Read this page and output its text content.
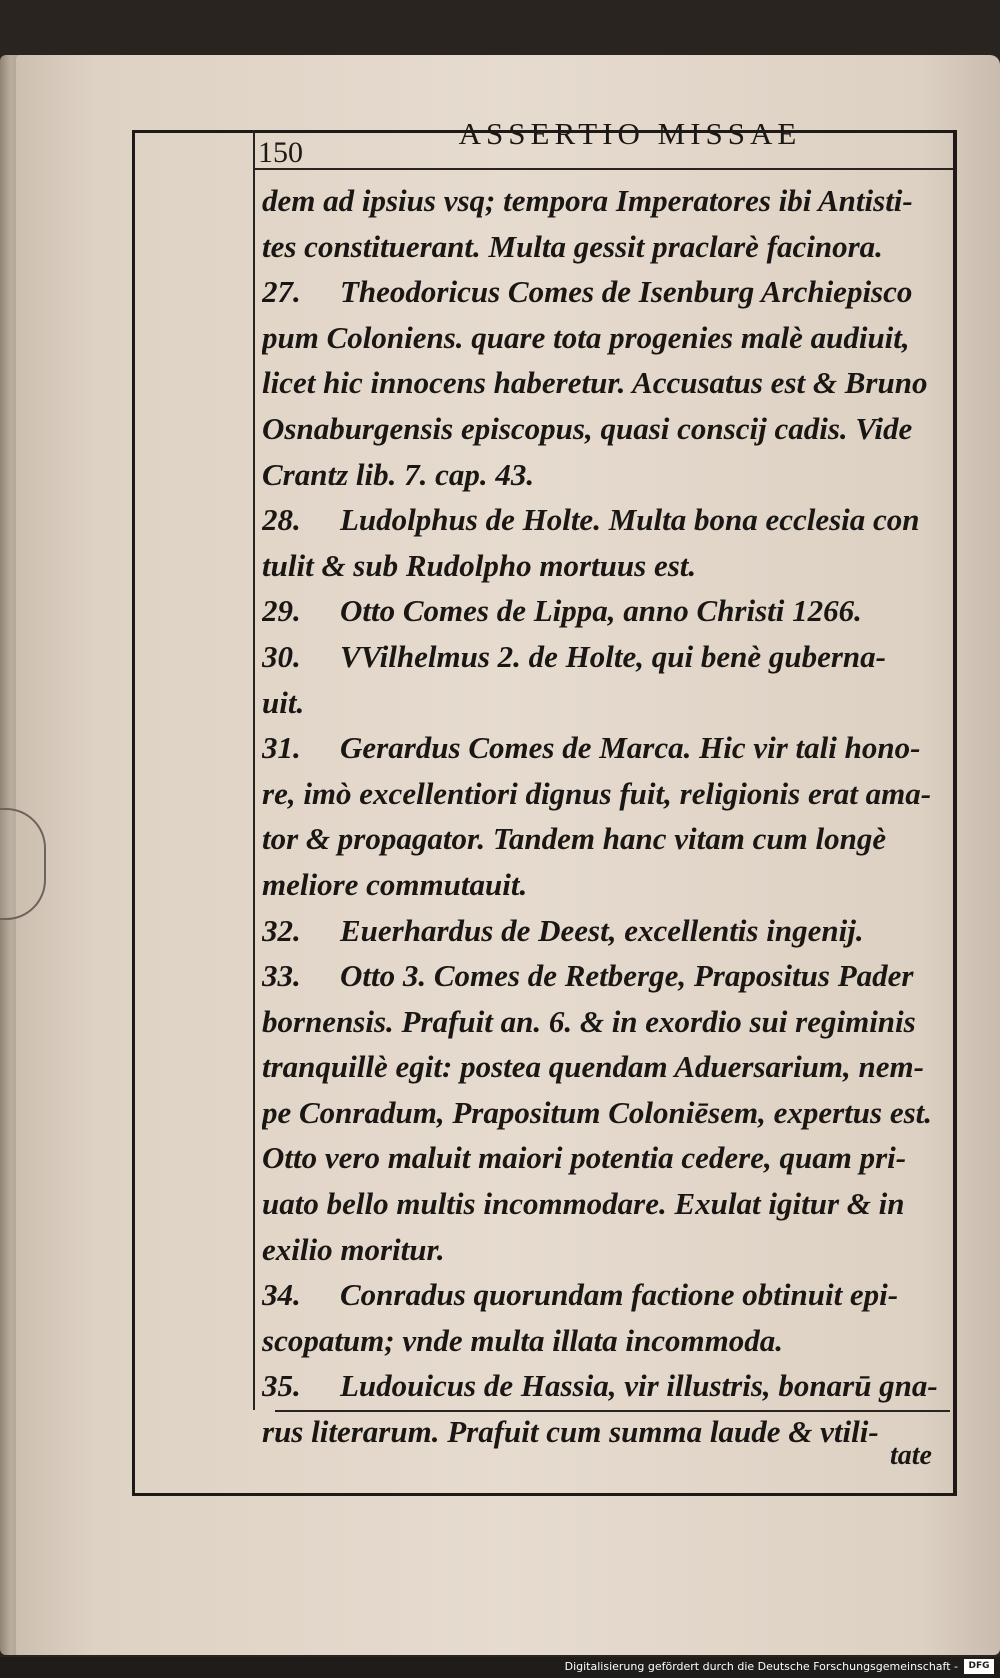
150
ASSERTIO MISSAE
dem ad ipsius vsq; tempora Imperatores ibi Antisti-
tes constituerant. Multa gessit praclarè facinora.
27. Theodoricus Comes de Isenburg Archiepisco
pum Coloniens. quare tota progenies malè audiuit,
licet hic innocens haberetur. Accusatus est & Bruno
Osnaburgensis episcopus, quasi conscij cadis. Vide
Crantz lib. 7. cap. 43.
28. Ludolphus de Holte. Multa bona ecclesia con
tulit & sub Rudolpho mortuus est.
29. Otto Comes de Lippa, anno Christi 1266.
30. VVilhelmus 2. de Holte, qui benè guberna-
uit.
31. Gerardus Comes de Marca. Hic vir tali hono-
re, imò excellentiori dignus fuit, religionis erat ama-
tor & propagator. Tandem hanc vitam cum longè
meliore commutauit.
32. Euerhardus de Deest, excellentis ingenij.
33. Otto 3. Comes de Retberge, Prapositus Pader
bornensis. Prafuit an. 6. & in exordio sui regiminis
tranquillè egit: postea quendam Aduersarium, nem-
pe Conradum, Prapositum Coloniēsem, expertus est.
Otto vero maluit maiori potentia cedere, quam pri-
uato bello multis incommodare. Exulat igitur & in
exilio moritur.
34. Conradus quorundam factione obtinuit epi-
scopatum; vnde multa illata incommoda.
35. Ludouicus de Hassia, vir illustris, bonarū gna-
rus literarum. Prafuit cum summa laude & vtili-
tate
Digitalisierung gefördert durch die Deutsche Forschungsgemeinschaft -	DFG
